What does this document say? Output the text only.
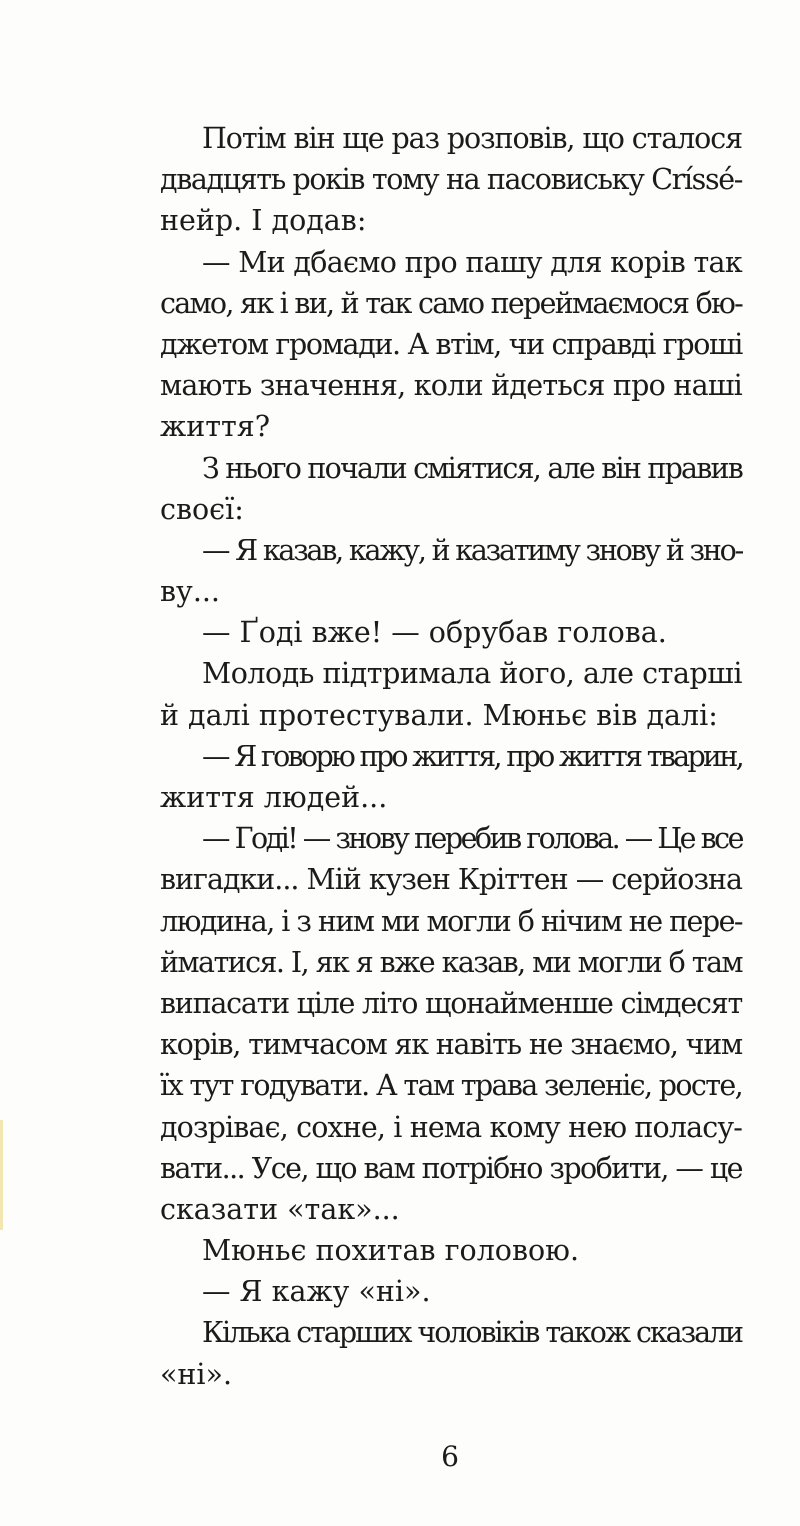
Потім він ще раз розповів, що сталося
двадцять років тому на пасовиську Críssé-
нейр. І додав:
— Ми дбаємо про пашу для корів так
само, як і ви, й так само переймаємося бю-
джетом громади. А втім, чи справді гроші
мають значення, коли йдеться про наші
життя?
З нього почали сміятися, але він правив
своєї:
— Я казав, кажу, й казатиму знову й зно-
ву...
— Ґоді вже! — обрубав голова.
Молодь підтримала його, але старші
й далі протестували. Мюньє вів далі:
— Я говорю про життя, про життя тварин,
життя людей...
— Годі! — знову перебив голова. — Це все
вигадки... Мій кузен Кріттен — серйозна
людина, і з ним ми могли б нічим не пере-
йматися. І, як я вже казав, ми могли б там
випасати ціле літо щонайменше сімдесят
корів, тимчасом як навіть не знаємо, чим
їх тут годувати. А там трава зеленіє, росте,
дозріває, сохне, і нема кому нею поласу-
вати... Усе, що вам потрібно зробити, — це
сказати «так»...
Мюньє похитав головою.
— Я кажу «ні».
Кілька старших чоловіків також сказали
«ні».
6
